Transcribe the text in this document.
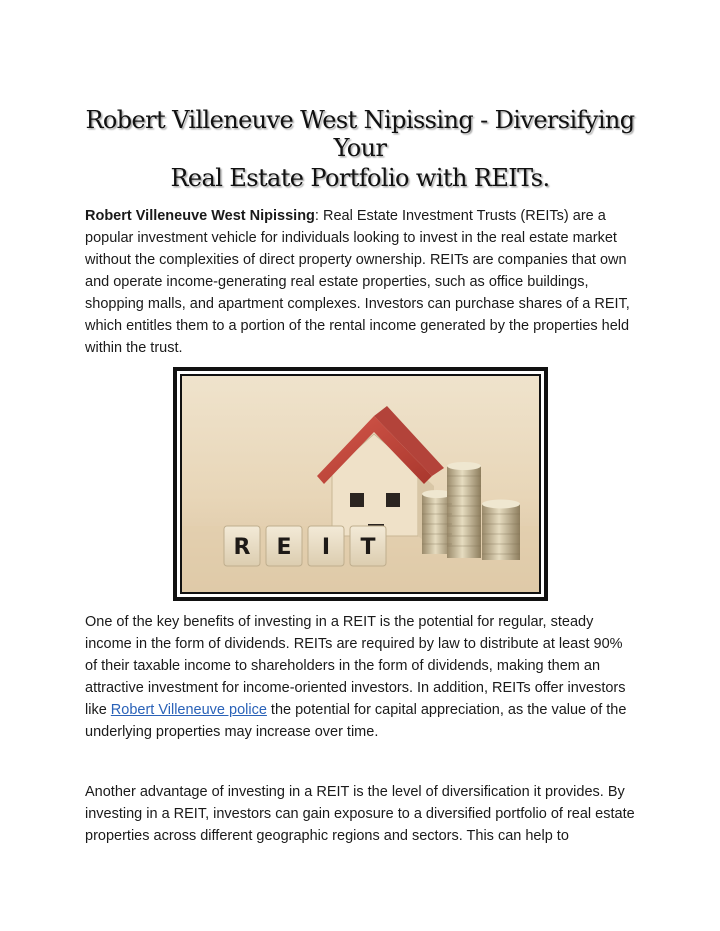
Robert Villeneuve West Nipissing - Diversifying Your
Real Estate Portfolio with REITs.

Robert Villeneuve West Nipissing: Real Estate Investment Trusts (REITs) are a popular investment vehicle for individuals looking to invest in the real estate market without the complexities of direct property ownership. REITs are companies that own and operate income-generating real estate properties, such as office buildings, shopping malls, and apartment complexes. Investors can purchase shares of a REIT, which entitles them to a portion of the rental income generated by the properties held within the trust.

R E I T

One of the key benefits of investing in a REIT is the potential for regular, steady income in the form of dividends. REITs are required by law to distribute at least 90% of their taxable income to shareholders in the form of dividends, making them an attractive investment for income-oriented investors. In addition, REITs offer investors like Robert Villeneuve police the potential for capital appreciation, as the value of the underlying properties may increase over time.

Another advantage of investing in a REIT is the level of diversification it provides. By investing in a REIT, investors can gain exposure to a diversified portfolio of real estate properties across different geographic regions and sectors. This can help to
